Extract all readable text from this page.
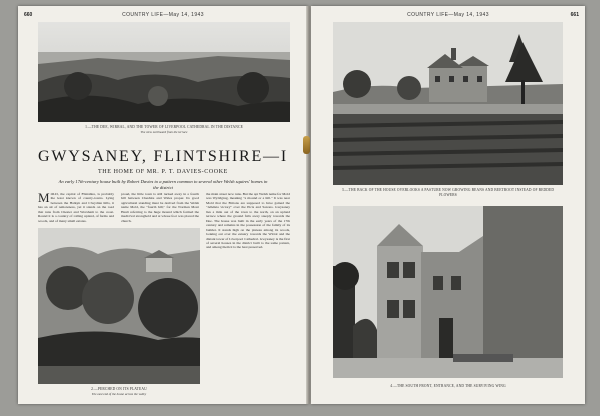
660	COUNTRY LIFE—May 14, 1943
1.—THE DEE, WIRRAL, AND THE TOWER OF LIVERPOOL CATHEDRAL IN THE DISTANCE
The view northward from the terrace
GWYSANEY, FLINTSHIRE—I
THE HOME OF MR. P. T. DAVIES-COOKE
An early 17th-century house built by Robert Davies to a pattern common to several other Welsh squires' homes in the district
MOLD, the capital of Flintshire, is probably the least known of county-towns. Lying between the Halkyn and Clwydian hills, it has an air of remoteness, yet it stands on the road that runs from Chester and Wrexham to the coast. Round it is a country of rolling upland, of farms and woods, and of many small estates.
proud, the little town is still tucked away in a fourth hill between Cheshire and Wales proper. Its good agricultural standing must be derived from the Welsh name Mold, the "fourth hill," for the Norman Mont Hault referring to the huge mound which formed the mediæval stronghold and at whose foot was placed the church.
the main street now runs. But the apt Welsh name for Mold was Wyddgrug, meaning "a mound or a hill." It was near Mold that the Britons are supposed to have gained the "Alleluia victory" over the Picts and Saxons. Gwysaney lies a mile out of the town to the north, on an upland terrace where the ground falls away steeply towards the Dee. The house was built in the early years of the 17th century and remains in the possession of the family of its builder. It stands high on the plateau among its woods, looking out over the estuary towards the Wirral and the distant tower of Liverpool Cathedral. Gwysaney is the first of several houses in the district built to the same pattern, and among them it is the best preserved.
2.—PERCHED ON ITS PLATEAU
The east end of the house across the valley
COUNTRY LIFE—May 14, 1943	661
3.—THE BACK OF THE HOUSE OVERLOOKS A PASTURE NOW GROWING BEANS AND BEETROOT INSTEAD OF BEDDED FLOWERS
4.—THE SOUTH FRONT, ENTRANCE, AND THE SURVIVING WING
